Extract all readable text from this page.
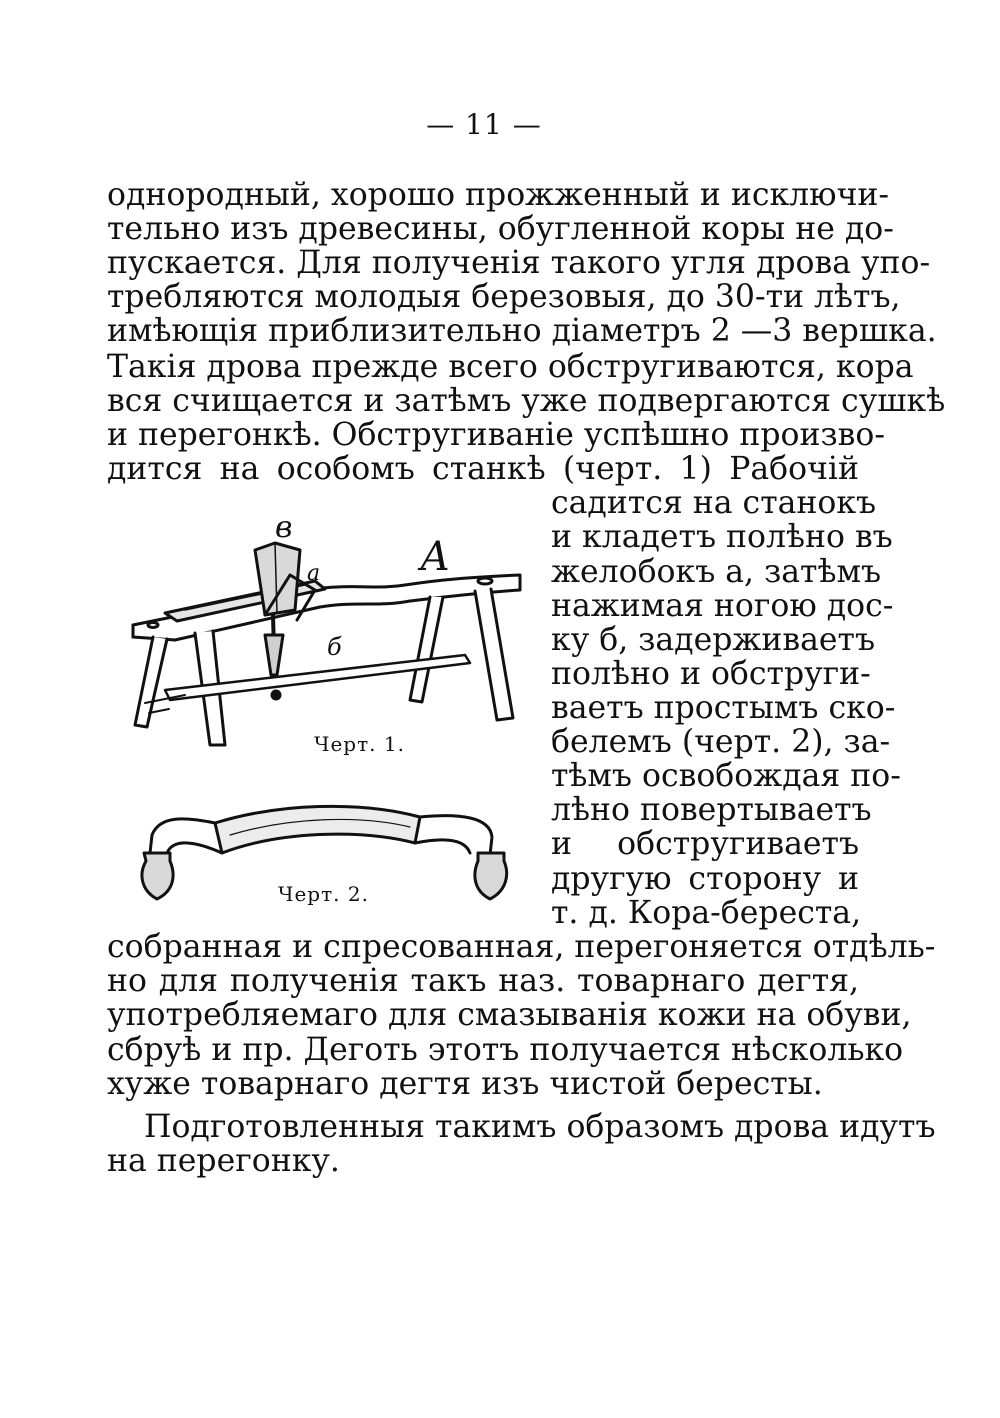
— 11 —
однородный, хорошо прожженный и исключи-
тельно изъ древесины, обугленной коры не до-
пускается. Для полученія такого угля дрова упо-
требляются молодыя березовыя, до 30-ти лѣтъ,
имѣющія приблизительно діаметръ 2 —3 вершка.
Такія дрова прежде всего обстругиваются, кора
вся счищается и затѣмъ уже подвергаются сушкѣ
и перегонкѣ. Обстругиваніе успѣшно произво-
дится на особомъ станкѣ (черт. 1) Рабочій
садится на станокъ
и кладетъ полѣно въ
желобокъ а, затѣмъ
нажимая ногою дос-
ку б, задерживаетъ
полѣно и обструги-
ваетъ простымъ ско-
белемъ (черт. 2), за-
тѣмъ освобождая по-
лѣно повертываетъ
и обстругиваетъ
другую сторону и
т. д. Кора-береста,
собранная и спресованная, перегоняется отдѣль-
но для полученія такъ наз. товарнаго дегтя,
употребляемаго для смазыванія кожи на обуви,
сбруѣ и пр. Деготь этотъ получается нѣсколько
хуже товарнаго дегтя изъ чистой бересты.
Подготовленныя такимъ образомъ дрова идутъ
на перегонку.
в
А
а
б
Черт. 1.
Черт. 2.
